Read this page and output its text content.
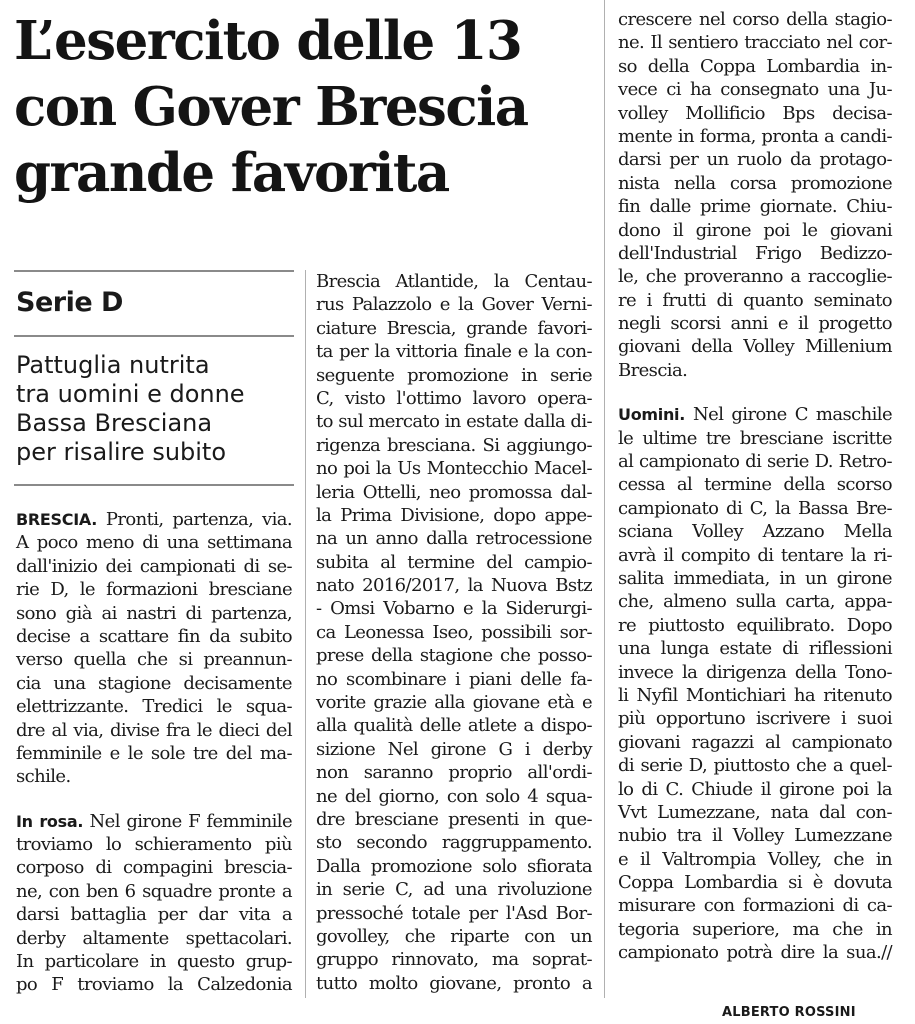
L’esercito delle 13
con Gover Brescia
grande favorita
Serie D
Pattuglia nutrita
tra uomini e donne
Bassa Bresciana
per risalire subito
BRESCIA. Pronti, partenza, via.
A poco meno di una settimana
dall'inizio dei campionati di se-
rie D, le formazioni bresciane
sono già ai nastri di partenza,
decise a scattare fin da subito
verso quella che si preannun-
cia una stagione decisamente
elettrizzante. Tredici le squa-
dre al via, divise fra le dieci del
femminile e le sole tre del ma-
schile.
In rosa. Nel girone F femminile
troviamo lo schieramento più
corposo di compagini brescia-
ne, con ben 6 squadre pronte a
darsi battaglia per dar vita a
derby altamente spettacolari.
In particolare in questo grup-
po F troviamo la Calzedonia
Brescia Atlantide, la Centau-
rus Palazzolo e la Gover Verni-
ciature Brescia, grande favori-
ta per la vittoria finale e la con-
seguente promozione in serie
C, visto l'ottimo lavoro opera-
to sul mercato in estate dalla di-
rigenza bresciana. Si aggiungo-
no poi la Us Montecchio Macel-
leria Ottelli, neo promossa dal-
la Prima Divisione, dopo appe-
na un anno dalla retrocessione
subita al termine del campio-
nato 2016/2017, la Nuova Bstz
- Omsi Vobarno e la Siderurgi-
ca Leonessa Iseo, possibili sor-
prese della stagione che posso-
no scombinare i piani delle fa-
vorite grazie alla giovane età e
alla qualità delle atlete a dispo-
sizione Nel girone G i derby
non saranno proprio all'ordi-
ne del giorno, con solo 4 squa-
dre bresciane presenti in que-
sto secondo raggruppamento.
Dalla promozione solo sfiorata
in serie C, ad una rivoluzione
pressoché totale per l'Asd Bor-
govolley, che riparte con un
gruppo rinnovato, ma soprat-
tutto molto giovane, pronto a
crescere nel corso della stagio-
ne. Il sentiero tracciato nel cor-
so della Coppa Lombardia in-
vece ci ha consegnato una Ju-
volley Mollificio Bps decisa-
mente in forma, pronta a candi-
darsi per un ruolo da protago-
nista nella corsa promozione
fin dalle prime giornate. Chiu-
dono il girone poi le giovani
dell'Industrial Frigo Bedizzo-
le, che proveranno a raccoglie-
re i frutti di quanto seminato
negli scorsi anni e il progetto
giovani della Volley Millenium
Brescia.
Uomini. Nel girone C maschile
le ultime tre bresciane iscritte
al campionato di serie D. Retro-
cessa al termine della scorso
campionato di C, la Bassa Bre-
sciana Volley Azzano Mella
avrà il compito di tentare la ri-
salita immediata, in un girone
che, almeno sulla carta, appa-
re piuttosto equilibrato. Dopo
una lunga estate di riflessioni
invece la dirigenza della Tono-
li Nyfil Montichiari ha ritenuto
più opportuno iscrivere i suoi
giovani ragazzi al campionato
di serie D, piuttosto che a quel-
lo di C. Chiude il girone poi la
Vvt Lumezzane, nata dal con-
nubio tra il Volley Lumezzane
e il Valtrompia Volley, che in
Coppa Lombardia si è dovuta
misurare con formazioni di ca-
tegoria superiore, ma che in
campionato potrà dire la sua.//
ALBERTO ROSSINI
